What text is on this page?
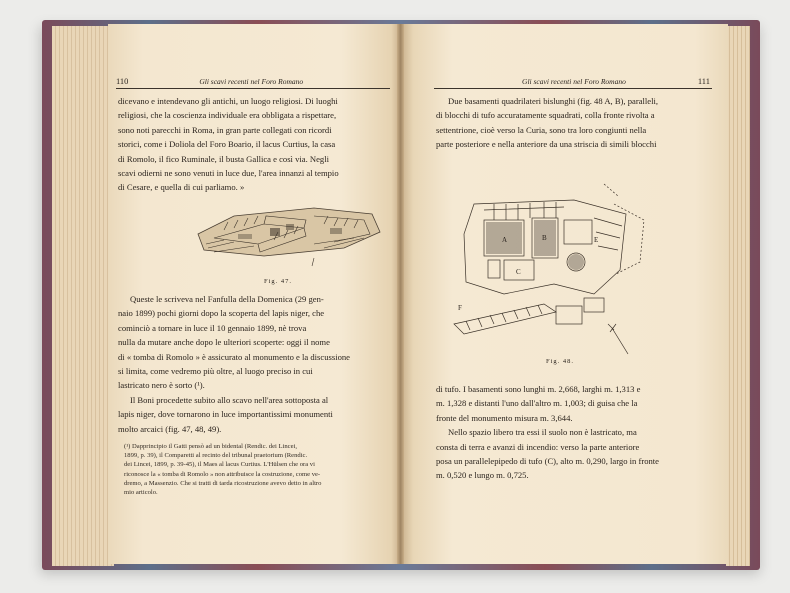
110	Gli scavi recenti nel Foro Romano
dicevano e intendevano gli antichi, un luogo religiosi. Di luoghi
religiosi, che la coscienza individuale era obbligata a rispettare,
sono noti parecchi in Roma, in gran parte collegati con ricordi
storici, come i Doliola del Foro Boario, il lacus Curtius, la casa
di Romolo, il fico Ruminale, il busta Gallica e così via. Negli
scavi odierni ne sono venuti in luce due, l'area innanzi al tempio
di Cesare, e quella di cui parliamo. »
Fig. 47.
Queste le scriveva nel Fanfulla della Domenica (29 gen-
naio 1899) pochi giorni dopo la scoperta del lapis niger, che
cominciò a tornare in luce il 10 gennaio 1899, nè trova
nulla da mutare anche dopo le ulteriori scoperte: oggi il nome
di « tomba di Romolo » è assicurato al monumento e la discussione
si limita, come vedremo più oltre, al luogo preciso in cui
lastricato nero è sorto (¹).
Il Boni procedette subito allo scavo nell'area sottoposta al
lapis niger, dove tornarono in luce importantissimi monumenti
molto arcaici (fig. 47, 48, 49).
(¹) Dapprincipio il Gatti pensò ad un bidental (Rendic. dei Lincei,
1899, p. 39), il Comparetti al recinto del tribunal praetorium (Rendic.
dei Lincei, 1899, p. 39-45), il Maes al lacus Curtius. L'Hülsen che ora vi
riconosce la « tomba di Romolo » non attribuisce la costruzione, come ve-
dremo, a Massenzio. Che si tratti di tarda ricostruzione avevo detto in altro
mio articolo.
Gli scavi recenti nel Foro Romano	111
Due basamenti quadrilateri bislunghi (fig. 48 A, B), paralleli,
di blocchi di tufo accuratamente squadrati, colla fronte rivolta a
settentrione, cioè verso la Curia, sono tra loro congiunti nella
parte posteriore e nella anteriore da una striscia di simili blocchi
A	B
C
E
F
Fig. 48.
di tufo. I basamenti sono lunghi m. 2,668, larghi m. 1,313 e
m. 1,328 e distanti l'uno dall'altro m. 1,003; di guisa che la
fronte del monumento misura m. 3,644.
Nello spazio libero tra essi il suolo non è lastricato, ma
consta di terra e avanzi di incendio: verso la parte anteriore
posa un parallelepipedo di tufo (C), alto m. 0,290, largo in fronte
m. 0,520 e lungo m. 0,725.
